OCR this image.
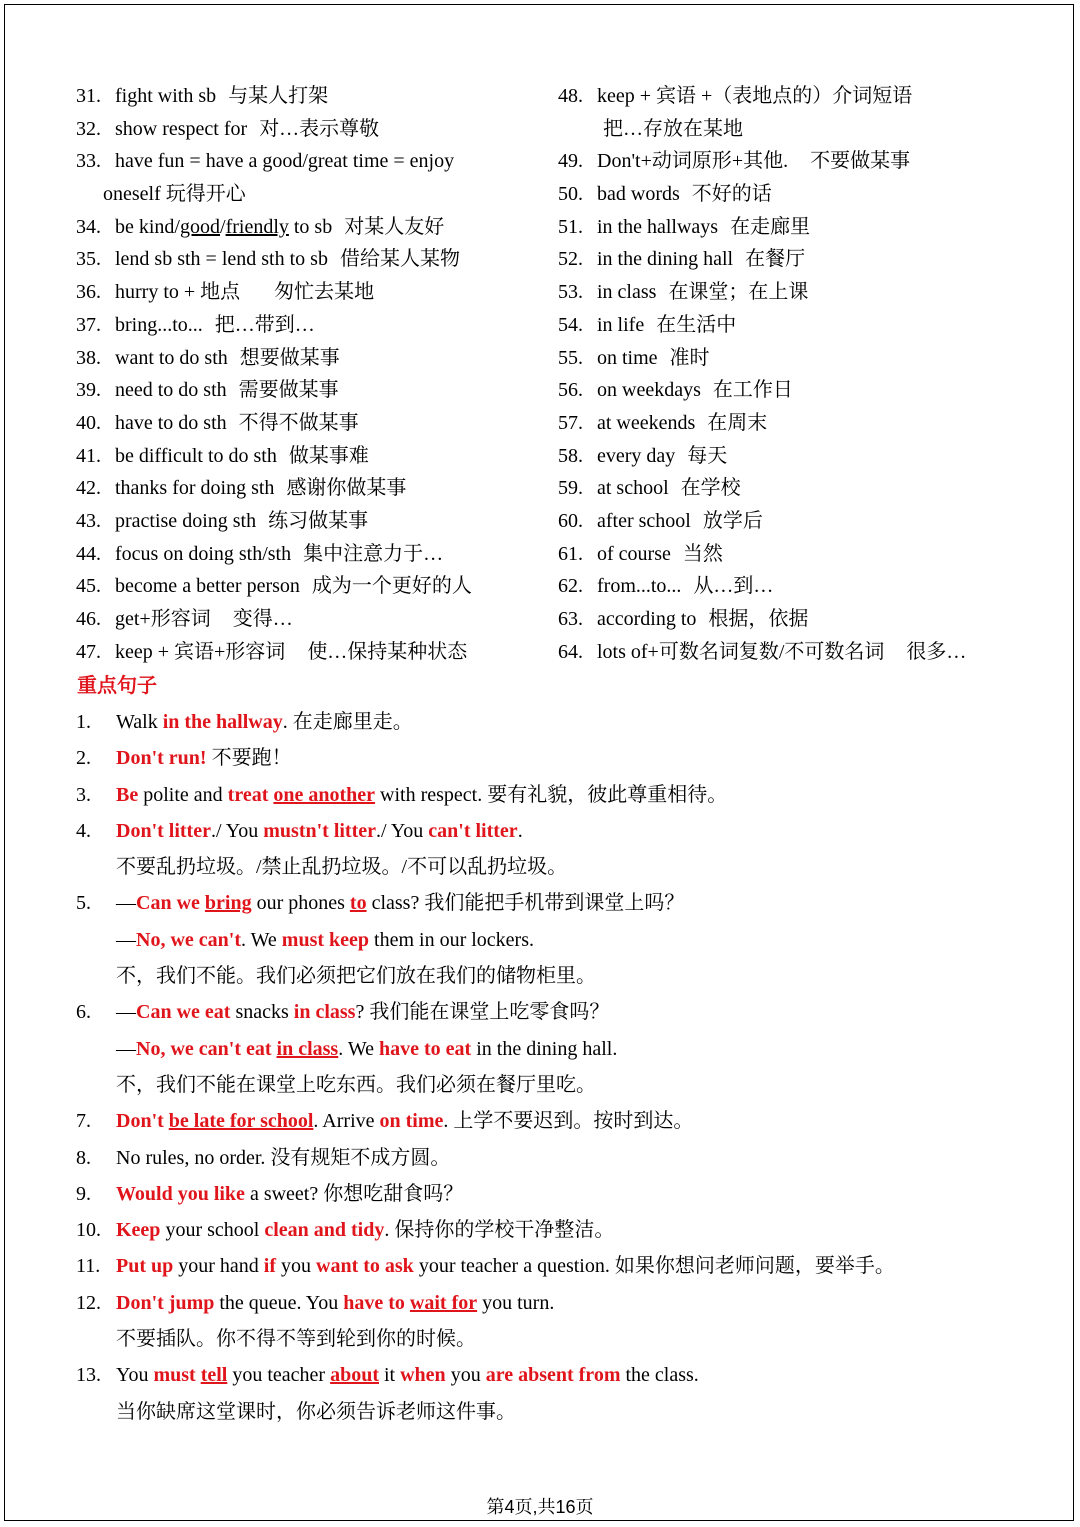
31. fight with sb 与某人打架
32. show respect for 对…表示尊敬
33. have fun = have a good/great time = enjoy
oneself 玩得开心
34. be kind/good/friendly to sb 对某人友好
35. lend sb sth = lend sth to sb 借给某人某物
36. hurry to + 地点 匆忙去某地
37. bring...to... 把…带到…
38. want to do sth 想要做某事
39. need to do sth 需要做某事
40. have to do sth 不得不做某事
41. be difficult to do sth 做某事难
42. thanks for doing sth 感谢你做某事
43. practise doing sth 练习做某事
44. focus on doing sth/sth 集中注意力于…
45. become a better person 成为一个更好的人
46. get+形容词 变得…
47. keep + 宾语+形容词 使…保持某种状态
48. keep + 宾语 +（表地点的）介词短语
把…存放在某地
49. Don't+动词原形+其他. 不要做某事
50. bad words 不好的话
51. in the hallways 在走廊里
52. in the dining hall 在餐厅
53. in class 在课堂；在上课
54. in life 在生活中
55. on time 准时
56. on weekdays 在工作日
57. at weekends 在周末
58. every day 每天
59. at school 在学校
60. after school 放学后
61. of course 当然
62. from...to... 从…到…
63. according to 根据，依据
64. lots of+可数名词复数/不可数名词 很多…
重点句子
1.	Walk in the hallway. 在走廊里走。
2.	Don't run! 不要跑！
3.	Be polite and treat one another with respect. 要有礼貌，彼此尊重相待。
4.	Don't litter./ You mustn't litter./ You can't litter.
不要乱扔垃圾。/禁止乱扔垃圾。/不可以乱扔垃圾。
5.	—Can we bring our phones to class? 我们能把手机带到课堂上吗？
—No, we can't. We must keep them in our lockers.
不，我们不能。我们必须把它们放在我们的储物柜里。
6.	—Can we eat snacks in class? 我们能在课堂上吃零食吗？
—No, we can't eat in class. We have to eat in the dining hall.
不，我们不能在课堂上吃东西。我们必须在餐厅里吃。
7.	Don't be late for school. Arrive on time. 上学不要迟到。按时到达。
8.	No rules, no order. 没有规矩不成方圆。
9.	Would you like a sweet? 你想吃甜食吗？
10. Keep your school clean and tidy. 保持你的学校干净整洁。
11. Put up your hand if you want to ask your teacher a question. 如果你想问老师问题，要举手。
12. Don't jump the queue. You have to wait for you turn.
不要插队。你不得不等到轮到你的时候。
13. You must tell you teacher about it when you are absent from the class.
当你缺席这堂课时，你必须告诉老师这件事。
第4页,共16页
